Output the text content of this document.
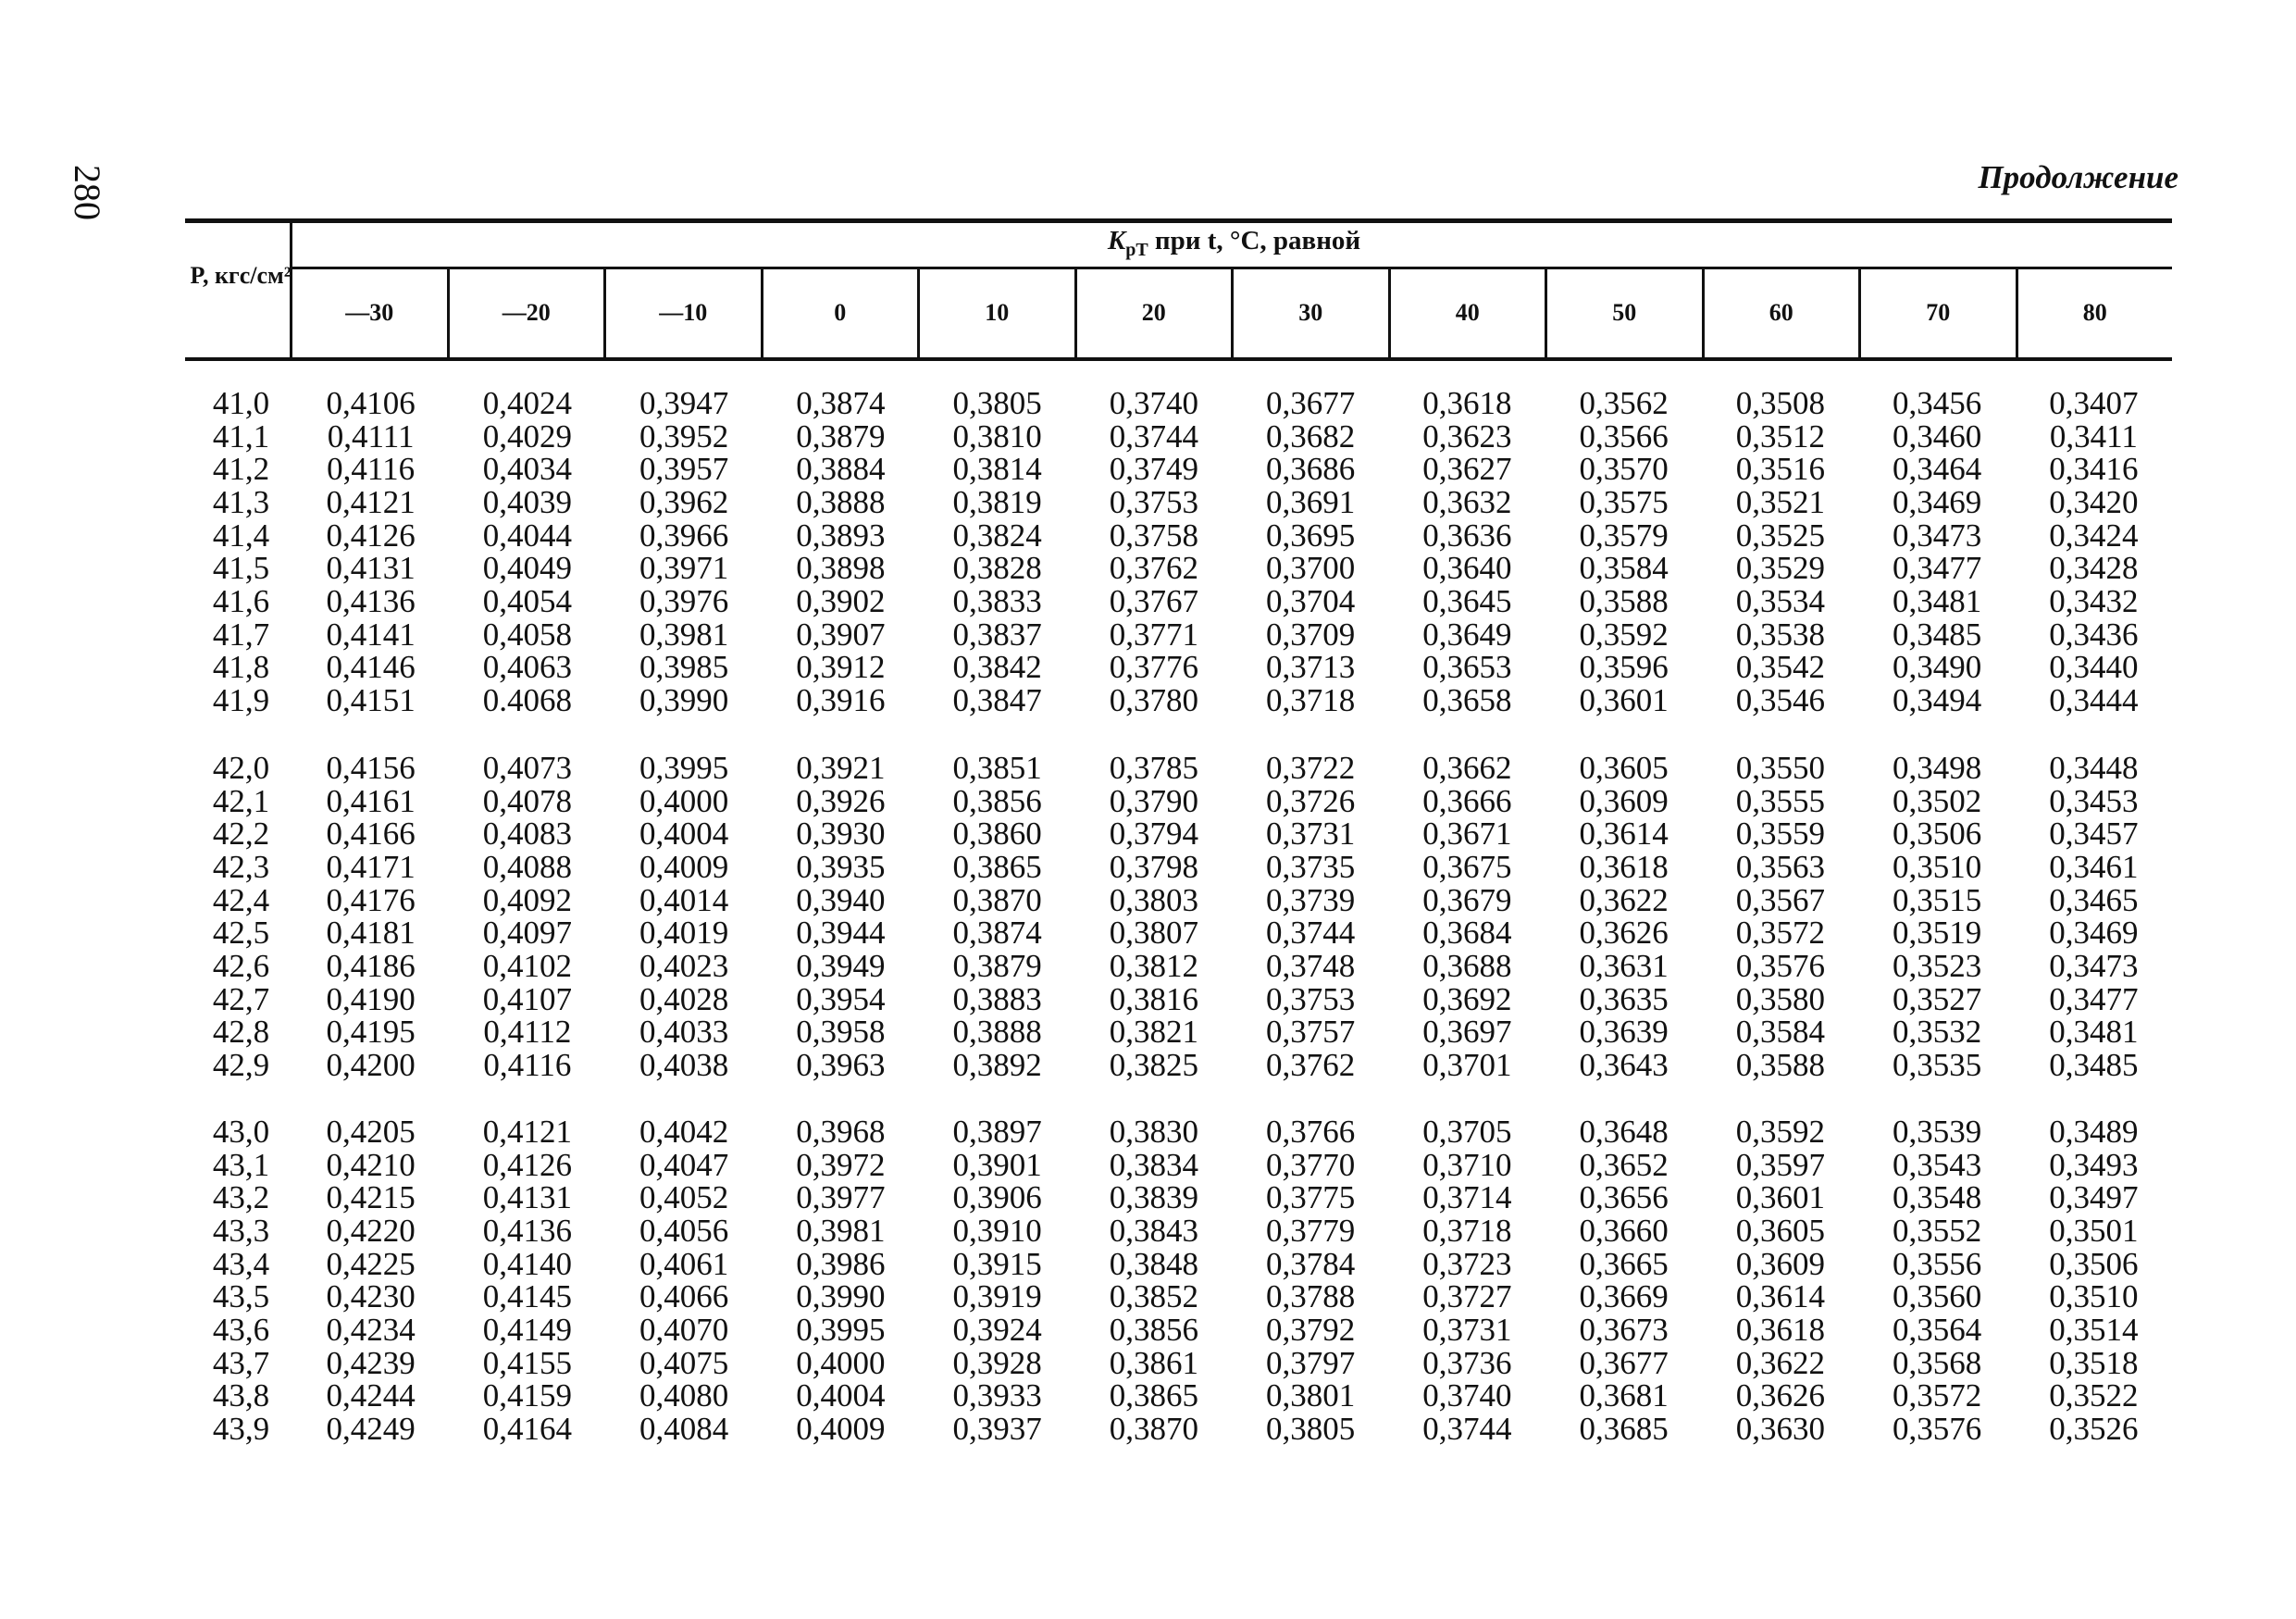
280	Продолжение
$K_{pT}$ при t, °C, равной
P, кгс/см²
—30	—20	—10	0	10	20	30	40	50	60	70	80
41,0	0,4106	0,4024	0,3947	0,3874	0,3805	0,3740	0,3677	0,3618	0,3562	0,3508	0,3456	0,3407
41,1	0,4111	0,4029	0,3952	0,3879	0,3810	0,3744	0,3682	0,3623	0,3566	0,3512	0,3460	0,3411
41,2	0,4116	0,4034	0,3957	0,3884	0,3814	0,3749	0,3686	0,3627	0,3570	0,3516	0,3464	0,3416
41,3	0,4121	0,4039	0,3962	0,3888	0,3819	0,3753	0,3691	0,3632	0,3575	0,3521	0,3469	0,3420
41,4	0,4126	0,4044	0,3966	0,3893	0,3824	0,3758	0,3695	0,3636	0,3579	0,3525	0,3473	0,3424
41,5	0,4131	0,4049	0,3971	0,3898	0,3828	0,3762	0,3700	0,3640	0,3584	0,3529	0,3477	0,3428
41,6	0,4136	0,4054	0,3976	0,3902	0,3833	0,3767	0,3704	0,3645	0,3588	0,3534	0,3481	0,3432
41,7	0,4141	0,4058	0,3981	0,3907	0,3837	0,3771	0,3709	0,3649	0,3592	0,3538	0,3485	0,3436
41,8	0,4146	0,4063	0,3985	0,3912	0,3842	0,3776	0,3713	0,3653	0,3596	0,3542	0,3490	0,3440
41,9	0,4151	0.4068	0,3990	0,3916	0,3847	0,3780	0,3718	0,3658	0,3601	0,3546	0,3494	0,3444
42,0	0,4156	0,4073	0,3995	0,3921	0,3851	0,3785	0,3722	0,3662	0,3605	0,3550	0,3498	0,3448
42,1	0,4161	0,4078	0,4000	0,3926	0,3856	0,3790	0,3726	0,3666	0,3609	0,3555	0,3502	0,3453
42,2	0,4166	0,4083	0,4004	0,3930	0,3860	0,3794	0,3731	0,3671	0,3614	0,3559	0,3506	0,3457
42,3	0,4171	0,4088	0,4009	0,3935	0,3865	0,3798	0,3735	0,3675	0,3618	0,3563	0,3510	0,3461
42,4	0,4176	0,4092	0,4014	0,3940	0,3870	0,3803	0,3739	0,3679	0,3622	0,3567	0,3515	0,3465
42,5	0,4181	0,4097	0,4019	0,3944	0,3874	0,3807	0,3744	0,3684	0,3626	0,3572	0,3519	0,3469
42,6	0,4186	0,4102	0,4023	0,3949	0,3879	0,3812	0,3748	0,3688	0,3631	0,3576	0,3523	0,3473
42,7	0,4190	0,4107	0,4028	0,3954	0,3883	0,3816	0,3753	0,3692	0,3635	0,3580	0,3527	0,3477
42,8	0,4195	0,4112	0,4033	0,3958	0,3888	0,3821	0,3757	0,3697	0,3639	0,3584	0,3532	0,3481
42,9	0,4200	0,4116	0,4038	0,3963	0,3892	0,3825	0,3762	0,3701	0,3643	0,3588	0,3535	0,3485
43,0	0,4205	0,4121	0,4042	0,3968	0,3897	0,3830	0,3766	0,3705	0,3648	0,3592	0,3539	0,3489
43,1	0,4210	0,4126	0,4047	0,3972	0,3901	0,3834	0,3770	0,3710	0,3652	0,3597	0,3543	0,3493
43,2	0,4215	0,4131	0,4052	0,3977	0,3906	0,3839	0,3775	0,3714	0,3656	0,3601	0,3548	0,3497
43,3	0,4220	0,4136	0,4056	0,3981	0,3910	0,3843	0,3779	0,3718	0,3660	0,3605	0,3552	0,3501
43,4	0,4225	0,4140	0,4061	0,3986	0,3915	0,3848	0,3784	0,3723	0,3665	0,3609	0,3556	0,3506
43,5	0,4230	0,4145	0,4066	0,3990	0,3919	0,3852	0,3788	0,3727	0,3669	0,3614	0,3560	0,3510
43,6	0,4234	0,4149	0,4070	0,3995	0,3924	0,3856	0,3792	0,3731	0,3673	0,3618	0,3564	0,3514
43,7	0,4239	0,4155	0,4075	0,4000	0,3928	0,3861	0,3797	0,3736	0,3677	0,3622	0,3568	0,3518
43,8	0,4244	0,4159	0,4080	0,4004	0,3933	0,3865	0,3801	0,3740	0,3681	0,3626	0,3572	0,3522
43,9	0,4249	0,4164	0,4084	0,4009	0,3937	0,3870	0,3805	0,3744	0,3685	0,3630	0,3576	0,3526
